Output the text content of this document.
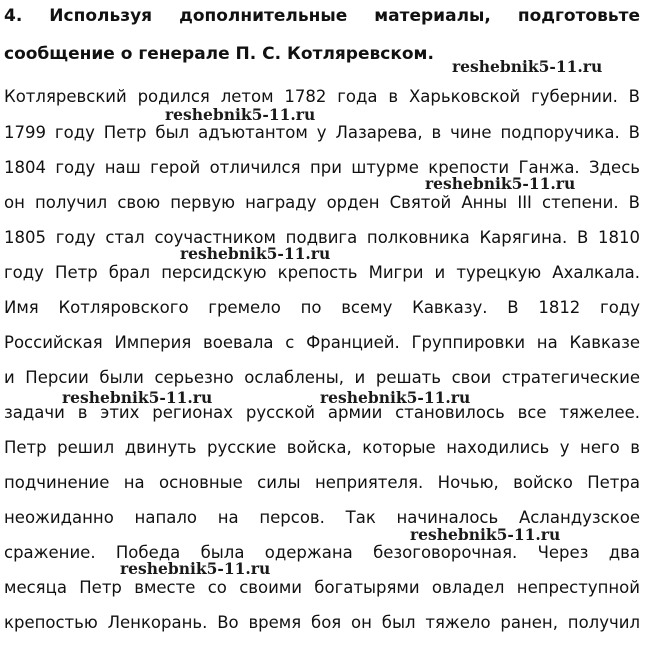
4. Используя дополнительные материалы, подготовьте
сообщение о генерале П. С. Котляревском.
Котляревский родился летом 1782 года в Харьковской губернии. В
1799 году Петр был адъютантом у Лазарева, в чине подпоручика. В
1804 году наш герой отличился при штурме крепости Ганжа. Здесь
он получил свою первую награду орден Святой Анны III степени. В
1805 году стал соучастником подвига полковника Карягина. В 1810
году Петр брал персидскую крепость Мигри и турецкую Ахалкала.
Имя Котляровского гремело по всему Кавказу. В 1812 году
Российская Империя воевала с Францией. Группировки на Кавказе
и Персии были серьезно ослаблены, и решать свои стратегические
задачи в этих регионах русской армии становилось все тяжелее.
Петр решил двинуть русские войска, которые находились у него в
подчинение на основные силы неприятеля. Ночью, войско Петра
неожиданно напало на персов. Так начиналось Асландузское
сражение. Победа была одержана безоговорочная. Через два
месяца Петр вместе со своими богатырями овладел непреступной
крепостью Ленкорань. Во время боя он был тяжело ранен, получил
reshebnik5-11.ru
reshebnik5-11.ru
reshebnik5-11.ru
reshebnik5-11.ru
reshebnik5-11.ru	reshebnik5-11.ru
reshebnik5-11.ru
reshebnik5-11.ru
